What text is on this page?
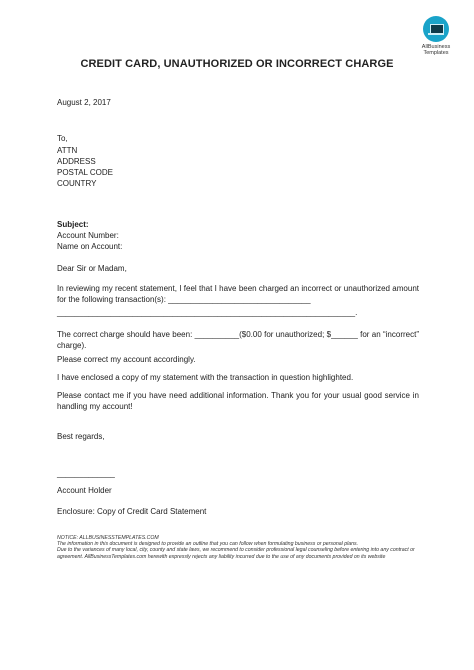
AllBusiness
Templates
CREDIT CARD, UNAUTHORIZED OR INCORRECT CHARGE
August 2, 2017
To,
ATTN
ADDRESS
POSTAL CODE
COUNTRY
Subject:
Account Number:
Name on Account:
Dear Sir or Madam,
In reviewing my recent statement, I feel that I have been charged an incorrect or unauthorized amount for the following transaction(s): ________________________________
___________________________________________________________________.
The correct charge should have been: __________($0.00 for unauthorized; $______ for an “incorrect” charge).
Please correct my account accordingly.
I have enclosed a copy of my statement with the transaction in question highlighted.
Please contact me if you have need additional information. Thank you for your usual good service in handling my account!
Best regards,
_____________
Account Holder
Enclosure: Copy of Credit Card Statement
NOTICE: ALLBUSINESSTEMPLATES.COM
The information in this document is designed to provide an outline that you can follow when formulating business or personal plans.
Due to the variances of many local, city, county and state laws, we recommend to consider professional legal counseling before entering into any contract or agreement. AllBusinessTemplates.com herewith expressly rejects any liability incurred due to the use of any documents provided on its website
